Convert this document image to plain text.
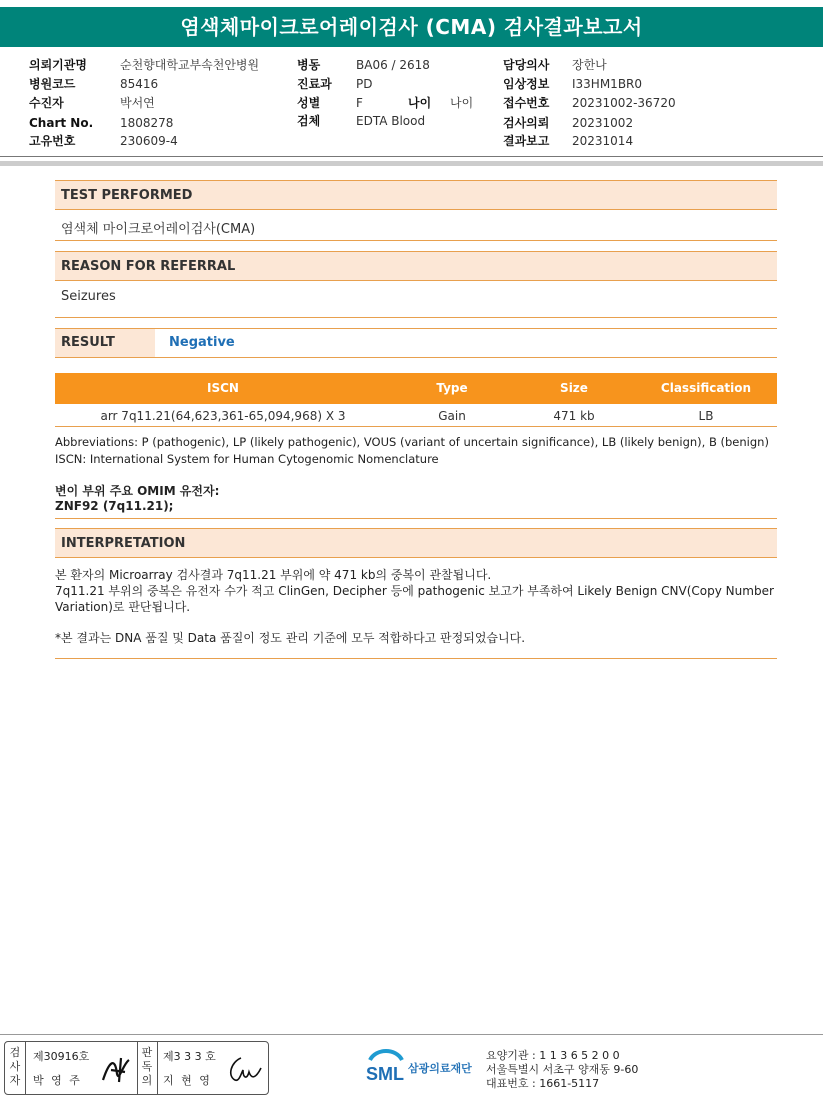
염색체마이크로어레이검사 (CMA) 검사결과보고서
의뢰기관명	순천향대학교부속천안병원
병원코드	85416
수진자	박서연
Chart No. 1808278
고유번호	230609-4
병동	BA06 / 2618
진료과 PD
성별	F	나이 나이
검체	EDTA Blood
담당의사 장한나
임상정보 I33HM1BR0
접수번호 20231002-36720
검사의뢰 20231002
결과보고 20231014
TEST PERFORMED
염색체 마이크로어레이검사(CMA)
REASON FOR REFERRAL
Seizures
RESULT	Negative
ISCN	Type	Size	Classification
arr 7q11.21(64,623,361-65,094,968) X 3	Gain	471 kb	LB
Abbreviations: P (pathogenic), LP (likely pathogenic), VOUS (variant of uncertain significance), LB (likely benign), B (benign)
ISCN: International System for Human Cytogenomic Nomenclature
변이 부위 주요 OMIM 유전자:
ZNF92 (7q11.21);
INTERPRETATION
본 환자의 Microarray 검사결과 7q11.21 부위에 약 471 kb의 중복이 관찰됩니다.
7q11.21 부위의 중복은 유전자 수가 적고 ClinGen, Decipher 등에 pathogenic 보고가 부족하여 Likely Benign CNV(Copy Number
Variation)로 판단됩니다.
*본 결과는 DNA 품질 및 Data 품질이 정도 관리 기준에 모두 적합하다고 판정되었습니다.
검사자
제30916호
박 영 주
판독의
제3 3 3 호
지 현 영	SML 삼광의료재단
요양기관 : 1 1 3 6 5 2 0 0
서울특별시 서초구 양재동 9-60
대표번호 : 1661-5117
